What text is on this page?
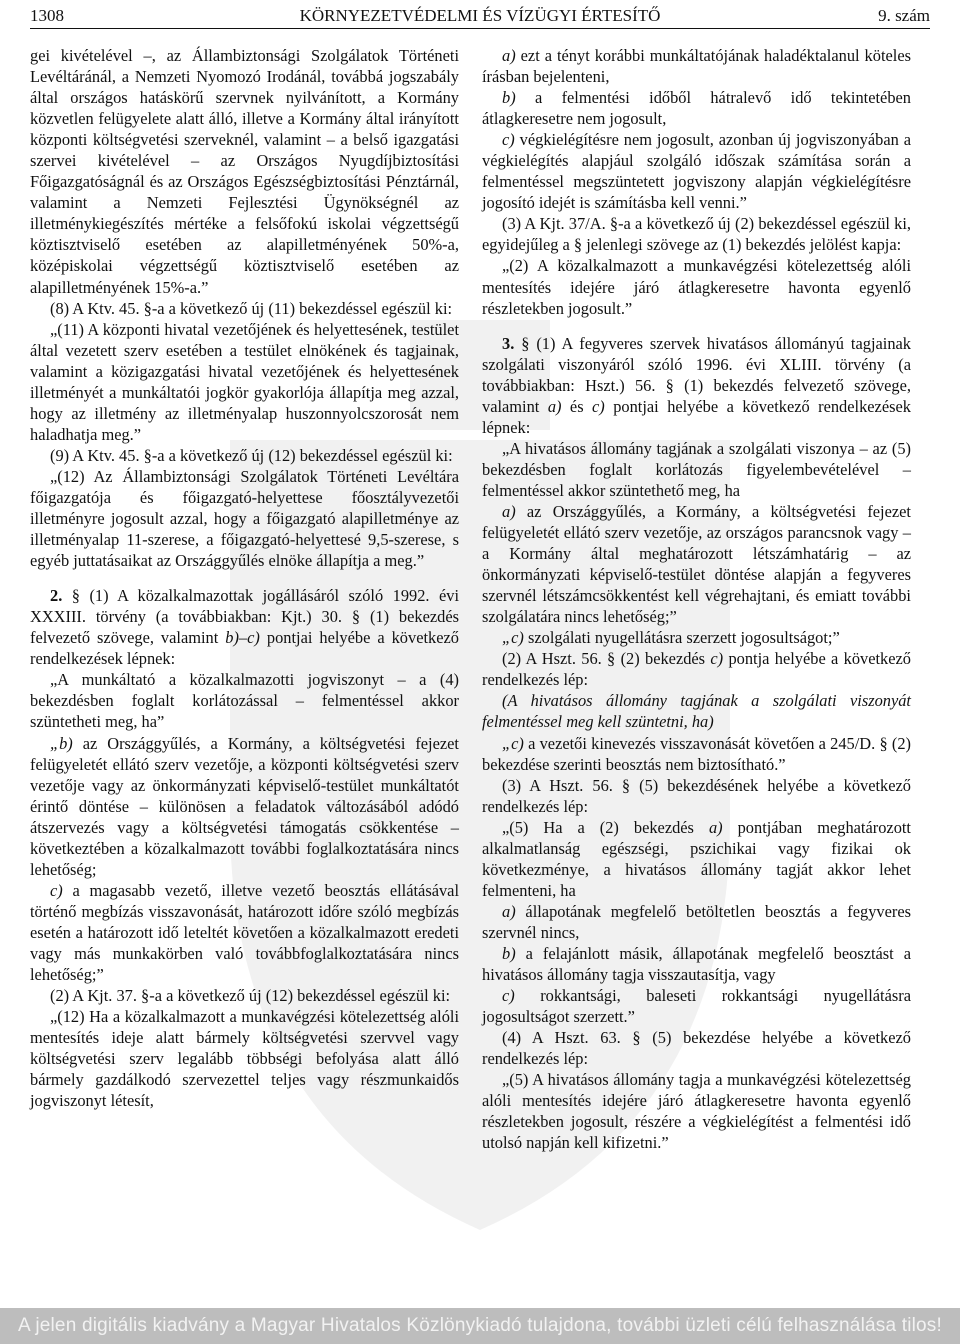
1308	KÖRNYEZETVÉDELMI ÉS VÍZÜGYI ÉRTESÍTŐ	9. szám

gei kivételével –, az Állambiztonsági Szolgálatok Történeti Levéltáránál, a Nemzeti Nyomozó Irodánál, továbbá jogszabály által országos hatáskörű szervnek nyilvánított, a Kormány közvetlen felügyelete alatt álló, illetve a Kormány által irányított központi költségvetési szerveknél, valamint – a belső igazgatási szervei kivételével – az Országos Nyugdíjbiztosítási Főigazgatóságnál és az Országos Egészségbiztosítási Pénztárnál, valamint a Nemzeti Fejlesztési Ügynökségnél az illetménykiegészítés mértéke a felsőfokú iskolai végzettségű köztisztviselő esetében az alapilletményének 50%-a, középiskolai végzettségű köztisztviselő esetében az alapilletményének 15%-a.”

(8) A Ktv. 45. §-a a következő új (11) bekezdéssel egészül ki:

„(11) A központi hivatal vezetőjének és helyettesének, testület által vezetett szerv esetében a testület elnökének és tagjainak, valamint a közigazgatási hivatal vezetőjének és helyettesének illetményét a munkáltatói jogkör gyakorlója állapítja meg azzal, hogy az illetmény az illetményalap huszonnyolcszorosát nem haladhatja meg.”

(9) A Ktv. 45. §-a a következő új (12) bekezdéssel egészül ki:

„(12) Az Állambiztonsági Szolgálatok Történeti Levéltára főigazgatója és főigazgató-helyettese főosztályvezetői illetményre jogosult azzal, hogy a főigazgató alapilletménye az illetményalap 11-szerese, a főigazgató-helyettesé 9,5-szerese, s egyéb juttatásaikat az Országgyűlés elnöke állapítja a meg.”

2. § (1) A közalkalmazottak jogállásáról szóló 1992. évi XXXIII. törvény (a továbbiakban: Kjt.) 30. § (1) bekezdés felvezető szövege, valamint b)–c) pontjai helyébe a következő rendelkezések lépnek:

„A munkáltató a közalkalmazotti jogviszonyt – a (4) bekezdésben foglalt korlátozással – felmentéssel akkor szüntetheti meg, ha”

„b) az Országgyűlés, a Kormány, a költségvetési fejezet felügyeletét ellátó szerv vezetője, a központi költségvetési szerv vezetője vagy az önkormányzati képviselő-testület munkáltatót érintő döntése – különösen a feladatok változásából adódó átszervezés vagy a költségvetési támogatás csökkentése – következtében a közalkalmazott további foglalkoztatására nincs lehetőség;

c) a magasabb vezető, illetve vezető beosztás ellátásával történő megbízás visszavonását, határozott időre szóló megbízás esetén a határozott idő leteltét követően a közalkalmazott eredeti vagy más munkakörben való továbbfoglalkoztatására nincs lehetőség;”

(2) A Kjt. 37. §-a a következő új (12) bekezdéssel egészül ki:

„(12) Ha a közalkalmazott a munkavégzési kötelezettség alóli mentesítés ideje alatt bármely költségvetési szervvel vagy költségvetési szerv legalább többségi befolyása alatt álló bármely gazdálkodó szervezettel teljes vagy részmunkaidős jogviszonyt létesít,

a) ezt a tényt korábbi munkáltatójának haladéktalanul köteles írásban bejelenteni,

b) a felmentési időből hátralevő idő tekintetében átlagkeresetre nem jogosult,

c) végkielégítésre nem jogosult, azonban új jogviszonyában a végkielégítés alapjául szolgáló időszak számítása során a felmentéssel megszüntetett jogviszony alapján végkielégítésre jogosító idejét is számításba kell venni.”

(3) A Kjt. 37/A. §-a a következő új (2) bekezdéssel egészül ki, egyidejűleg a § jelenlegi szövege az (1) bekezdés jelölést kapja:

„(2) A közalkalmazott a munkavégzési kötelezettség alóli mentesítés idejére járó átlagkeresetre havonta egyenlő részletekben jogosult.”

3. § (1) A fegyveres szervek hivatásos állományú tagjainak szolgálati viszonyáról szóló 1996. évi XLIII. törvény (a továbbiakban: Hszt.) 56. § (1) bekezdés felvezető szövege, valamint a) és c) pontjai helyébe a következő rendelkezések lépnek:

„A hivatásos állomány tagjának a szolgálati viszonya – az (5) bekezdésben foglalt korlátozás figyelembevételével – felmentéssel akkor szüntethető meg, ha

a) az Országgyűlés, a Kormány, a költségvetési fejezet felügyeletét ellátó szerv vezetője, az országos parancsnok vagy – a Kormány által meghatározott létszámhatárig – az önkormányzati képviselő-testület döntése alapján a fegyveres szervnél létszámcsökkentést kell végrehajtani, és emiatt további szolgálatára nincs lehetőség;”

„c) szolgálati nyugellátásra szerzett jogosultságot;”

(2) A Hszt. 56. § (2) bekezdés c) pontja helyébe a következő rendelkezés lép:

(A hivatásos állomány tagjának a szolgálati viszonyát felmentéssel meg kell szüntetni, ha)

„c) a vezetői kinevezés visszavonását követően a 245/D. § (2) bekezdése szerinti beosztás nem biztosítható.”

(3) A Hszt. 56. § (5) bekezdésének helyébe a következő rendelkezés lép:

„(5) Ha a (2) bekezdés a) pontjában meghatározott alkalmatlanság egészségi, pszichikai vagy fizikai ok következménye, a hivatásos állomány tagját akkor lehet felmenteni, ha

a) állapotának megfelelő betöltetlen beosztás a fegyveres szervnél nincs,

b) a felajánlott másik, állapotának megfelelő beosztást a hivatásos állomány tagja visszautasítja, vagy

c) rokkantsági, baleseti rokkantsági nyugellátásra jogosultságot szerzett.”

(4) A Hszt. 63. § (5) bekezdése helyébe a következő rendelkezés lép:

„(5) A hivatásos állomány tagja a munkavégzési kötelezettség alóli mentesítés idejére járó átlagkeresetre havonta egyenlő részletekben jogosult, részére a végkielégítést a felmentési idő utolsó napján kell kifizetni.”

A jelen digitális kiadvány a Magyar Hivatalos Közlönykiadó tulajdona, további üzleti célú felhasználása tilos!
